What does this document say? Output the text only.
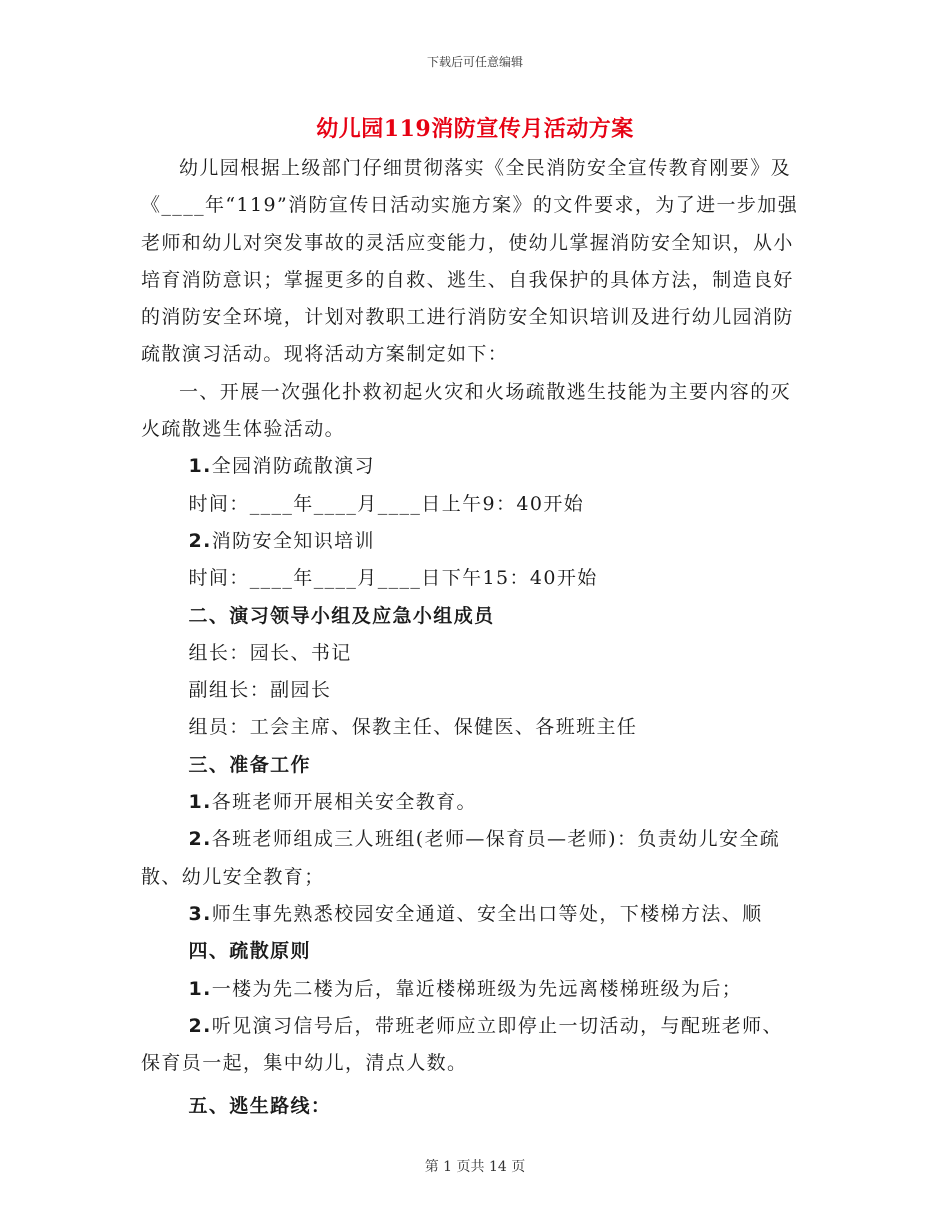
下载后可任意编辑
幼儿园119消防宣传月活动方案

幼儿园根据上级部门仔细贯彻落实《全民消防安全宣传教育刚要》及《____年“119”消防宣传日活动实施方案》的文件要求，为了进一步加强老师和幼儿对突发事故的灵活应变能力，使幼儿掌握消防安全知识，从小培育消防意识；掌握更多的自救、逃生、自我保护的具体方法，制造良好的消防安全环境，计划对教职工进行消防安全知识培训及进行幼儿园消防疏散演习活动。现将活动方案制定如下：

一、开展一次强化扑救初起火灾和火场疏散逃生技能为主要内容的灭火疏散逃生体验活动。

1.全园消防疏散演习

时间：____年____月____日上午9：40开始

2.消防安全知识培训

时间：____年____月____日下午15：40开始

二、演习领导小组及应急小组成员

组长：园长、书记

副组长：副园长

组员：工会主席、保教主任、保健医、各班班主任

三、准备工作

1.各班老师开展相关安全教育。

2.各班老师组成三人班组(老师—保育员—老师)：负责幼儿安全疏散、幼儿安全教育；

3.师生事先熟悉校园安全通道、安全出口等处，下楼梯方法、顺

四、疏散原则

1.一楼为先二楼为后，靠近楼梯班级为先远离楼梯班级为后；

2.听见演习信号后，带班老师应立即停止一切活动，与配班老师、保育员一起，集中幼儿，清点人数。

五、逃生路线：

第 1 页共 14 页
